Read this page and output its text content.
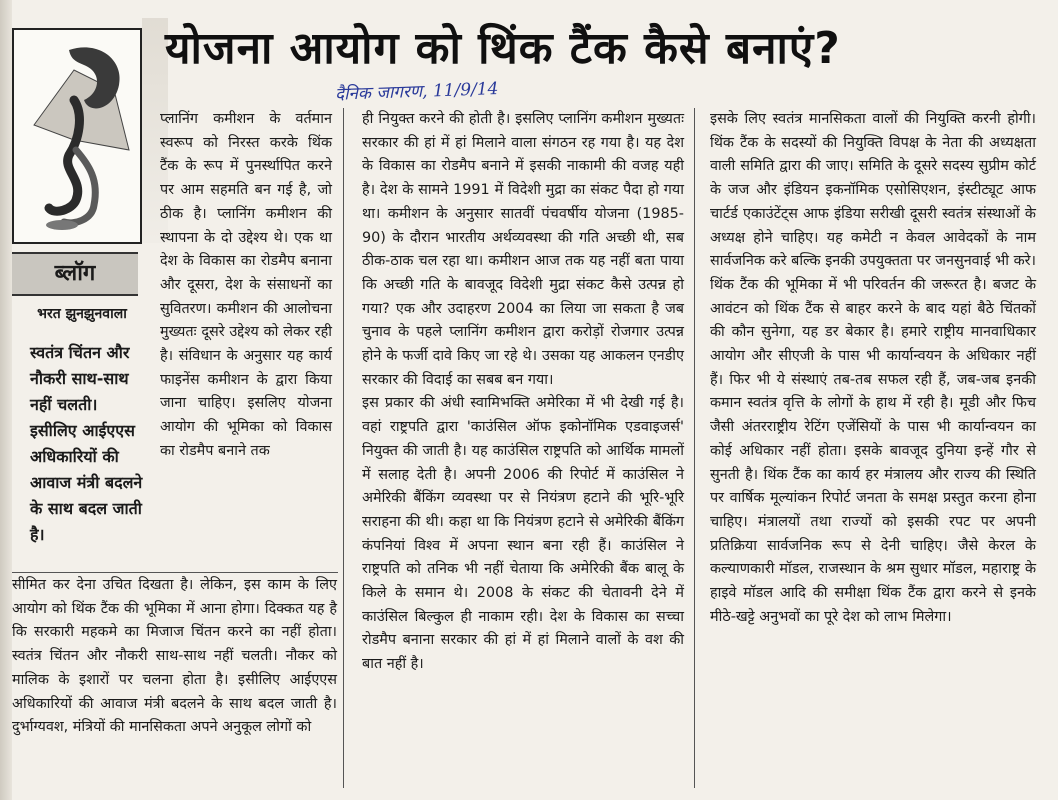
योजना आयोग को थिंक टैंक कैसे बनाएं?
दैनिक जागरण, 11/9/14
ब्लॉग
भरत झुनझुनवाला
स्वतंत्र चिंतन और नौकरी साथ-साथ नहीं चलती। इसीलिए आईएएस अधिकारियों की आवाज मंत्री बदलने के साथ बदल जाती है।

प्लानिंग कमीशन के वर्तमान स्वरूप को निरस्त करके थिंक टैंक के रूप में पुनर्स्थापित करने पर आम सहमति बन गई है, जो ठीक है। प्लानिंग कमीशन की स्थापना के दो उद्देश्य थे। एक था देश के विकास का रोडमैप बनाना और दूसरा, देश के संसाधनों का सुवितरण। कमीशन की आलोचना मुख्यतः दूसरे उद्देश्य को लेकर रही है। संविधान के अनुसार यह कार्य फाइनेंस कमीशन के द्वारा किया जाना चाहिए। इसलिए योजना आयोग की भूमिका को विकास का रोडमैप बनाने तक

सीमित कर देना उचित दिखता है। लेकिन, इस काम के लिए आयोग को थिंक टैंक की भूमिका में आना होगा। दिक्कत यह है कि सरकारी महकमे का मिजाज चिंतन करने का नहीं होता। स्वतंत्र चिंतन और नौकरी साथ-साथ नहीं चलती। नौकर को मालिक के इशारों पर चलना होता है। इसीलिए आईएएस अधिकारियों की आवाज मंत्री बदलने के साथ बदल जाती है। दुर्भाग्यवश, मंत्रियों की मानसिकता अपने अनुकूल लोगों को

ही नियुक्त करने की होती है। इसलिए प्लानिंग कमीशन मुख्यतः सरकार की हां में हां मिलाने वाला संगठन रह गया है। यह देश के विकास का रोडमैप बनाने में इसकी नाकामी की वजह यही है। देश के सामने 1991 में विदेशी मुद्रा का संकट पैदा हो गया था। कमीशन के अनुसार सातवीं पंचवर्षीय योजना (1985-90) के दौरान भारतीय अर्थव्यवस्था की गति अच्छी थी, सब ठीक-ठाक चल रहा था। कमीशन आज तक यह नहीं बता पाया कि अच्छी गति के बावजूद विदेशी मुद्रा संकट कैसे उत्पन्न हो गया? एक और उदाहरण 2004 का लिया जा सकता है जब चुनाव के पहले प्लानिंग कमीशन द्वारा करोड़ों रोजगार उत्पन्न होने के फर्जी दावे किए जा रहे थे। उसका यह आकलन एनडीए सरकार की विदाई का सबब बन गया।

इस प्रकार की अंधी स्वामिभक्ति अमेरिका में भी देखी गई है। वहां राष्ट्रपति द्वारा 'काउंसिल ऑफ इकोनॉमिक एडवाइजर्स' नियुक्त की जाती है। यह काउंसिल राष्ट्रपति को आर्थिक मामलों में सलाह देती है। अपनी 2006 की रिपोर्ट में काउंसिल ने अमेरिकी बैंकिंग व्यवस्था पर से नियंत्रण हटाने की भूरि-भूरि सराहना की थी। कहा था कि नियंत्रण हटाने से अमेरिकी बैंकिंग कंपनियां विश्व में अपना स्थान बना रही हैं। काउंसिल ने राष्ट्रपति को तनिक भी नहीं चेताया कि अमेरिकी बैंक बालू के किले के समान थे। 2008 के संकट की चेतावनी देने में काउंसिल बिल्कुल ही नाकाम रही। देश के विकास का सच्चा रोडमैप बनाना सरकार की हां में हां मिलाने वालों के वश की बात नहीं है।

इसके लिए स्वतंत्र मानसिकता वालों की नियुक्ति करनी होगी। थिंक टैंक के सदस्यों की नियुक्ति विपक्ष के नेता की अध्यक्षता वाली समिति द्वारा की जाए। समिति के दूसरे सदस्य सुप्रीम कोर्ट के जज और इंडियन इकनॉमिक एसोसिएशन, इंस्टीट्यूट आफ चार्टर्ड एकाउंटेंट्स आफ इंडिया सरीखी दूसरी स्वतंत्र संस्थाओं के अध्यक्ष होने चाहिए। यह कमेटी न केवल आवेदकों के नाम सार्वजनिक करे बल्कि इनकी उपयुक्तता पर जनसुनवाई भी करे। थिंक टैंक की भूमिका में भी परिवर्तन की जरूरत है। बजट के आवंटन को थिंक टैंक से बाहर करने के बाद यहां बैठे चिंतकों की कौन सुनेगा, यह डर बेकार है। हमारे राष्ट्रीय मानवाधिकार आयोग और सीएजी के पास भी कार्यान्वयन के अधिकार नहीं हैं। फिर भी ये संस्थाएं तब-तब सफल रही हैं, जब-जब इनकी कमान स्वतंत्र वृत्ति के लोगों के हाथ में रही है। मूडी और फिच जैसी अंतरराष्ट्रीय रेटिंग एजेंसियों के पास भी कार्यान्वयन का कोई अधिकार नहीं होता। इसके बावजूद दुनिया इन्हें गौर से सुनती है। थिंक टैंक का कार्य हर मंत्रालय और राज्य की स्थिति पर वार्षिक मूल्यांकन रिपोर्ट जनता के समक्ष प्रस्तुत करना होना चाहिए। मंत्रालयों तथा राज्यों को इसकी रपट पर अपनी प्रतिक्रिया सार्वजनिक रूप से देनी चाहिए। जैसे केरल के कल्याणकारी मॉडल, राजस्थान के श्रम सुधार मॉडल, महाराष्ट्र के हाइवे मॉडल आदि की समीक्षा थिंक टैंक द्वारा करने से इनके मीठे-खट्टे अनुभवों का पूरे देश को लाभ मिलेगा।
